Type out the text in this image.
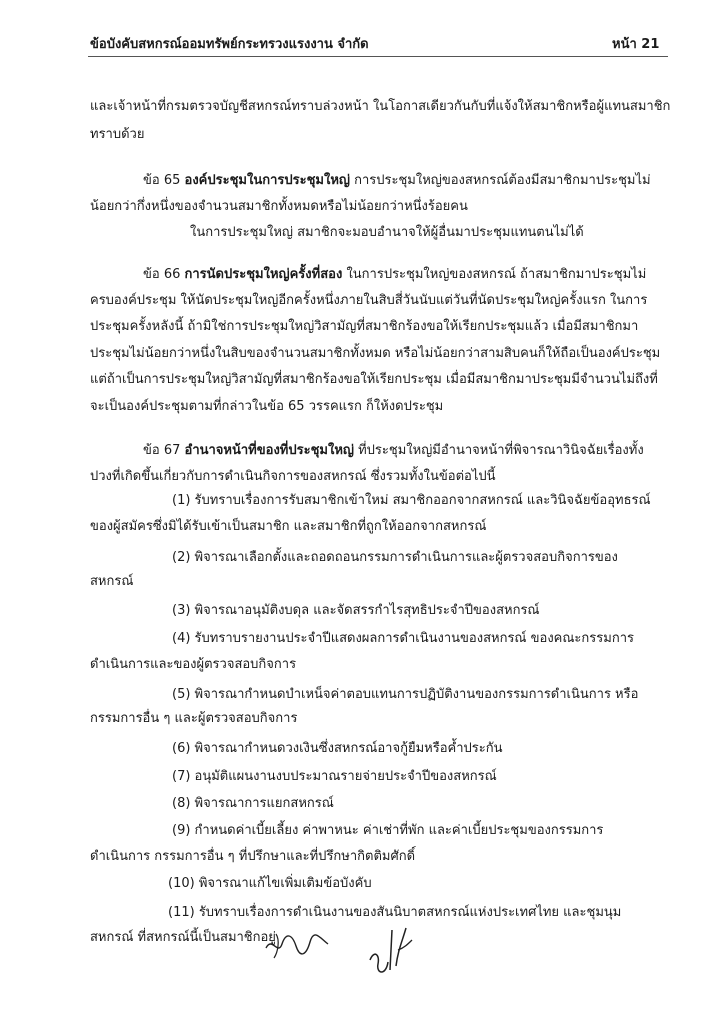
ข้อบังคับสหกรณ์ออมทรัพย์กระทรวงแรงงาน จำกัด	หน้า 21
และเจ้าหน้าที่กรมตรวจบัญชีสหกรณ์ทราบล่วงหน้า ในโอกาสเดียวกันกับที่แจ้งให้สมาชิกหรือผู้แทนสมาชิก
ทราบด้วย
ข้อ 65 องค์ประชุมในการประชุมใหญ่ การประชุมใหญ่ของสหกรณ์ต้องมีสมาชิกมาประชุมไม่
น้อยกว่ากึ่งหนึ่งของจำนวนสมาชิกทั้งหมดหรือไม่น้อยกว่าหนึ่งร้อยคน
ในการประชุมใหญ่ สมาชิกจะมอบอำนาจให้ผู้อื่นมาประชุมแทนตนไม่ได้
ข้อ 66 การนัดประชุมใหญ่ครั้งที่สอง ในการประชุมใหญ่ของสหกรณ์ ถ้าสมาชิกมาประชุมไม่
ครบองค์ประชุม ให้นัดประชุมใหญ่อีกครั้งหนึ่งภายในสิบสี่วันนับแต่วันที่นัดประชุมใหญ่ครั้งแรก ในการ
ประชุมครั้งหลังนี้ ถ้ามิใช่การประชุมใหญ่วิสามัญที่สมาชิกร้องขอให้เรียกประชุมแล้ว เมื่อมีสมาชิกมา
ประชุมไม่น้อยกว่าหนึ่งในสิบของจำนวนสมาชิกทั้งหมด หรือไม่น้อยกว่าสามสิบคนก็ให้ถือเป็นองค์ประชุม
แต่ถ้าเป็นการประชุมใหญ่วิสามัญที่สมาชิกร้องขอให้เรียกประชุม เมื่อมีสมาชิกมาประชุมมีจำนวนไม่ถึงที่
จะเป็นองค์ประชุมตามที่กล่าวในข้อ 65 วรรคแรก ก็ให้งดประชุม
ข้อ 67 อำนาจหน้าที่ของที่ประชุมใหญ่ ที่ประชุมใหญ่มีอำนาจหน้าที่พิจารณาวินิจฉัยเรื่องทั้ง
ปวงที่เกิดขึ้นเกี่ยวกับการดำเนินกิจการของสหกรณ์ ซึ่งรวมทั้งในข้อต่อไปนี้
(1) รับทราบเรื่องการรับสมาชิกเข้าใหม่ สมาชิกออกจากสหกรณ์ และวินิจฉัยข้ออุทธรณ์
ของผู้สมัครซึ่งมิได้รับเข้าเป็นสมาชิก และสมาชิกที่ถูกให้ออกจากสหกรณ์
(2) พิจารณาเลือกตั้งและถอดถอนกรรมการดำเนินการและผู้ตรวจสอบกิจการของ
สหกรณ์
(3) พิจารณาอนุมัติงบดุล และจัดสรรกำไรสุทธิประจำปีของสหกรณ์
(4) รับทราบรายงานประจำปีแสดงผลการดำเนินงานของสหกรณ์ ของคณะกรรมการ
ดำเนินการและของผู้ตรวจสอบกิจการ
(5) พิจารณากำหนดบำเหน็จค่าตอบแทนการปฏิบัติงานของกรรมการดำเนินการ หรือ
กรรมการอื่น ๆ และผู้ตรวจสอบกิจการ
(6) พิจารณากำหนดวงเงินซึ่งสหกรณ์อาจกู้ยืมหรือค้ำประกัน
(7) อนุมัติแผนงานงบประมาณรายจ่ายประจำปีของสหกรณ์
(8) พิจารณาการแยกสหกรณ์
(9) กำหนดค่าเบี้ยเลี้ยง ค่าพาหนะ ค่าเช่าที่พัก และค่าเบี้ยประชุมของกรรมการ
ดำเนินการ กรรมการอื่น ๆ ที่ปรึกษาและที่ปรึกษากิตติมศักดิ์
(10) พิจารณาแก้ไขเพิ่มเติมข้อบังคับ
(11) รับทราบเรื่องการดำเนินงานของสันนิบาตสหกรณ์แห่งประเทศไทย และชุมนุม
สหกรณ์ ที่สหกรณ์นี้เป็นสมาชิกอยู่
